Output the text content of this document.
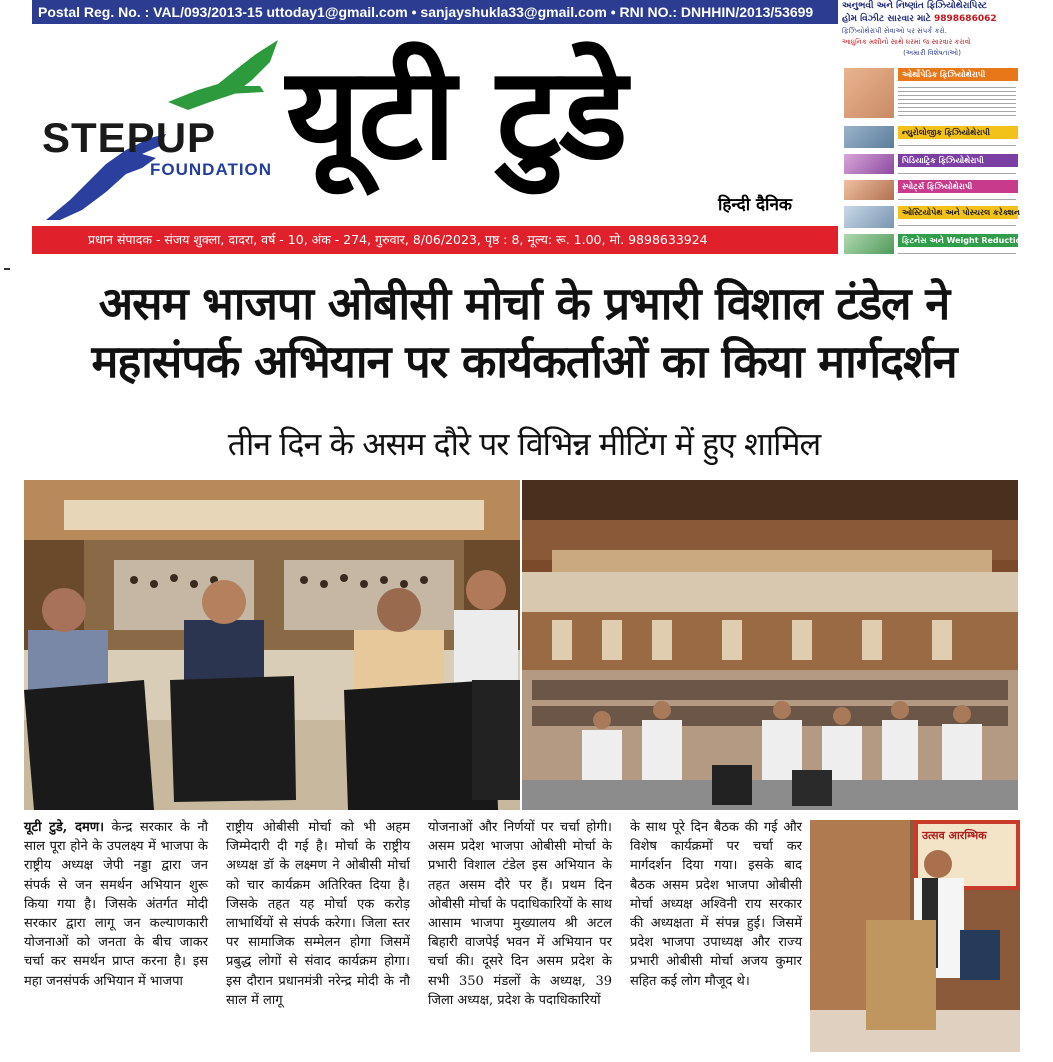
Postal Reg. No. : VAL/093/2013-15 uttoday1@gmail.com • sanjayshukla33@gmail.com • RNI NO.: DNHHIN/2013/53699
STEPUP
FOUNDATION यूटी टुडे
हिन्दी दैनिक
प्रधान संपादक - संजय शुक्ला, दादरा, वर्ष - 10, अंक - 274, गुरुवार, 8/06/2023, पृष्ठ : 8, मूल्य: रू. 1.00, मो. 9898633924
અનુભવી અને નિષ્ણાંત ફિઝિયોથેરાપિસ્ટ
હોમ વિઝીટ સારવાર માટે 9898686062
ફિઝિયોથેરાપી સેવાઓ પર સંપર્ક કરો.
આધુનિક મશીનો સાથે ઘરમાં જ સારવાર કરાવો
(અમારી વિશેષતાઓ)
ઓર્થોપેડિક ફિઝિયોથેરાપી
ન્યુરોલોજીક ફિઝિયોથેરાપી
પિડિયાટ્રિક ફિઝિયોથેરાપી
સ્પોર્ટ્સ ફિઝિયોથેરાપી
ઓસ્ટિયોપેથ અને પોસ્ચરલ કરેક્શન
ફિટનેસ અને Weight Reduction સારવાર
असम भाजपा ओबीसी मोर्चा के प्रभारी विशाल टंडेल ने
महासंपर्क अभियान पर कार्यकर्ताओं का किया मार्गदर्शन
तीन दिन के असम दौरे पर विभिन्न मीटिंग में हुए शामिल
उत्सव आरम्भिक
यूटी टुडे, दमण। केन्द्र सरकार के नौ साल पूरा होने के उपलक्ष्य में भाजपा के राष्ट्रीय अध्यक्ष जेपी नड्डा द्वारा जन संपर्क से जन समर्थन अभियान शुरू किया गया है। जिसके अंतर्गत मोदी सरकार द्वारा लागू जन कल्याणकारी योजनाओं को जनता के बीच जाकर चर्चा कर समर्थन प्राप्त करना है। इस महा जनसंपर्क अभियान में भाजपा
राष्ट्रीय ओबीसी मोर्चा को भी अहम जिम्मेदारी दी गई है। मोर्चा के राष्ट्रीय अध्यक्ष डॉ के लक्ष्मण ने ओबीसी मोर्चा को चार कार्यक्रम अतिरिक्त दिया है। जिसके तहत यह मोर्चा एक करोड़ लाभार्थियों से संपर्क करेगा। जिला स्तर पर सामाजिक सम्मेलन होगा जिसमें प्रबुद्ध लोगों से संवाद कार्यक्रम होगा। इस दौरान प्रधानमंत्री नरेन्द्र मोदी के नौ साल में लागू
योजनाओं और निर्णयों पर चर्चा होगी। असम प्रदेश भाजपा ओबीसी मोर्चा के प्रभारी विशाल टंडेल इस अभियान के तहत असम दौरे पर हैं। प्रथम दिन ओबीसी मोर्चा के पदाधिकारियों के साथ आसाम भाजपा मुख्यालय श्री अटल बिहारी वाजपेई भवन में अभियान पर चर्चा की। दूसरे दिन असम प्रदेश के सभी 350 मंडलों के अध्यक्ष, 39 जिला अध्यक्ष, प्रदेश के पदाधिकारियों
के साथ पूरे दिन बैठक की गई और विशेष कार्यक्रमों पर चर्चा कर मार्गदर्शन दिया गया। इसके बाद बैठक असम प्रदेश भाजपा ओबीसी मोर्चा अध्यक्ष अश्विनी राय सरकार की अध्यक्षता में संपन्न हुई। जिसमें प्रदेश भाजपा उपाध्यक्ष और राज्य प्रभारी ओबीसी मोर्चा अजय कुमार सहित कई लोग मौजूद थे।
